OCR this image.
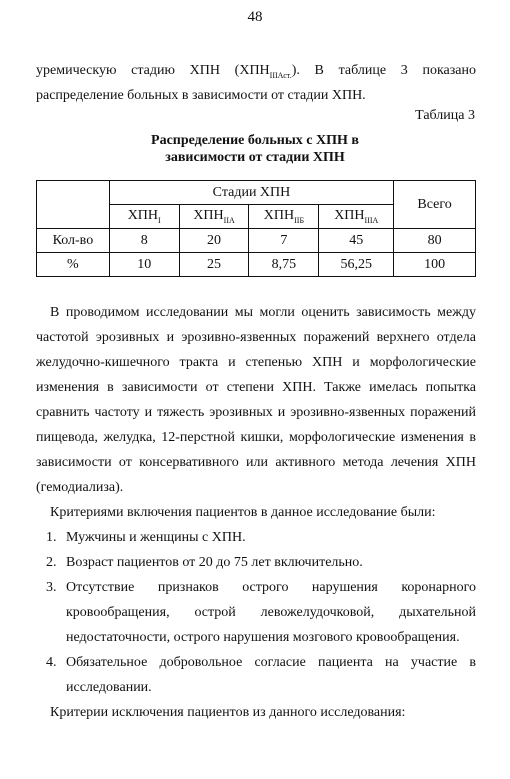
48
уремическую стадию ХПН $(ХПН_{IIIАст.})$. В таблице 3 показано
распределение больных в зависимости от стадии ХПН.
Таблица 3
Распределение больных с ХПН в
зависимости от стадии ХПН
	Стадии ХПН				Всего
	$ХПН_I$	$ХПН_{IIA}$	$ХПН_{IIБ}$	$ХПН_{IIIA}$
Кол-во	8	20	7	45	80
%	10	25	8,75	56,25	100
В проводимом исследовании мы могли оценить зависимость между
частотой эрозивных и эрозивно-язвенных поражений верхнего отдела
желудочно-кишечного тракта и степенью ХПН и морфологические
изменения в зависимости от степени ХПН. Также имелась попытка
сравнить частоту и тяжесть эрозивных и эрозивно-язвенных поражений
пищевода, желудка, 12-перстной кишки, морфологические изменения в
зависимости от консервативного или активного метода лечения ХПН
(гемодиализа).
Критериями включения пациентов в данное исследование были:
1. Мужчины и женщины с ХПН.
2. Возраст пациентов от 20 до 75 лет включительно.
3. Отсутствие признаков острого нарушения коронарного
кровообращения, острой левожелудочковой, дыхательной
недостаточности, острого нарушения мозгового кровообращения.
4. Обязательное добровольное согласие пациента на участие в
исследовании.
Критерии исключения пациентов из данного исследования:
